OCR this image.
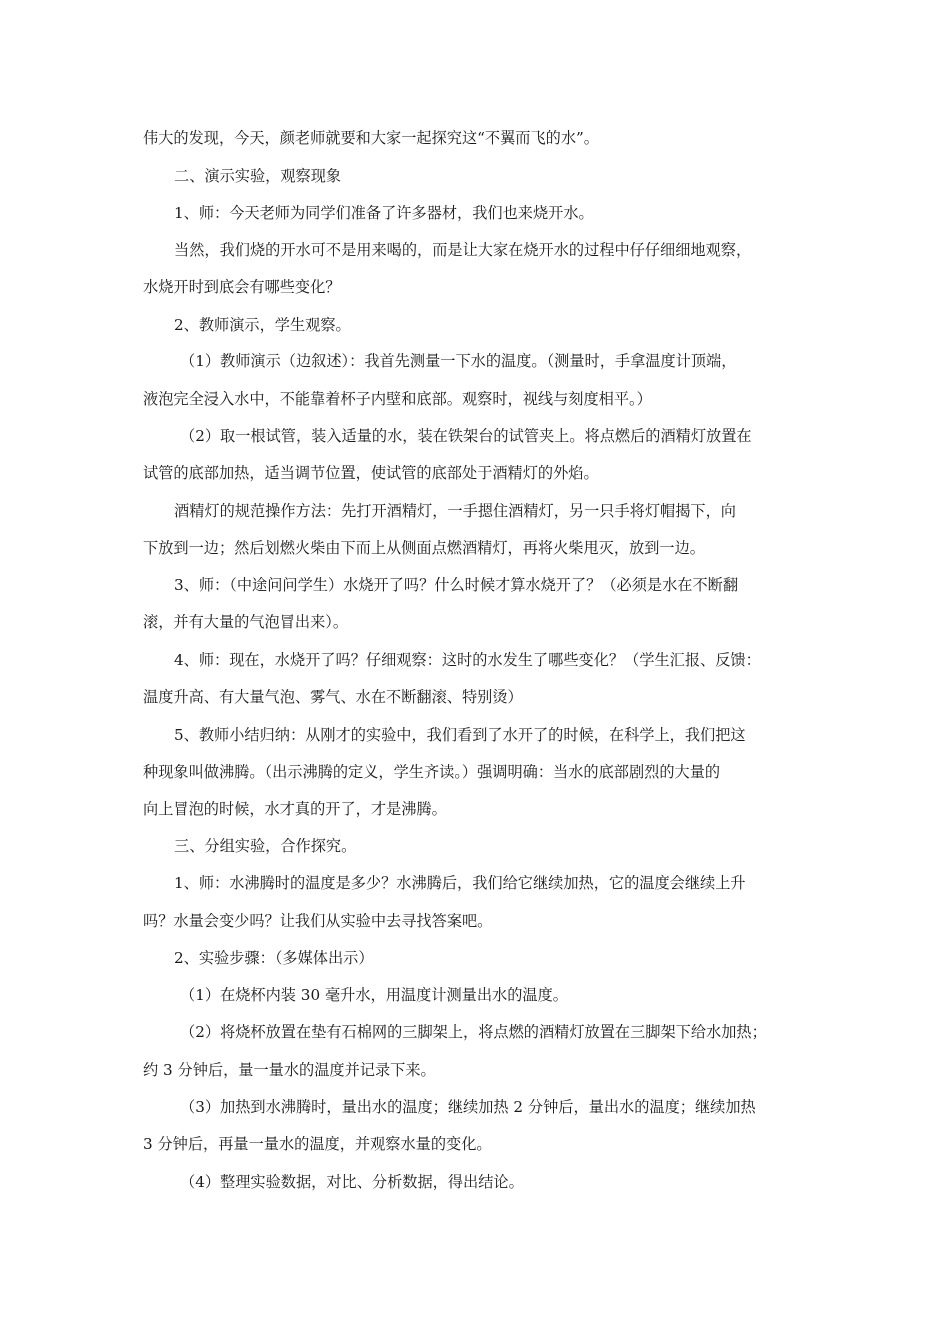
伟大的发现，今天，颜老师就要和大家一起探究这“不翼而飞的水”。

二、演示实验，观察现象

1、师：今天老师为同学们准备了许多器材，我们也来烧开水。

当然，我们烧的开水可不是用来喝的，而是让大家在烧开水的过程中仔仔细细地观察，

水烧开时到底会有哪些变化？

2、教师演示，学生观察。

（1）教师演示（边叙述）：我首先测量一下水的温度。（测量时，手拿温度计顶端，

液泡完全浸入水中，不能靠着杯子内壁和底部。观察时，视线与刻度相平。）

（2）取一根试管，装入适量的水，装在铁架台的试管夹上。将点燃后的酒精灯放置在

试管的底部加热，适当调节位置，使试管的底部处于酒精灯的外焰。

酒精灯的规范操作方法：先打开酒精灯，一手摁住酒精灯，另一只手将灯帽揭下，向

下放到一边；然后划燃火柴由下而上从侧面点燃酒精灯，再将火柴甩灭，放到一边。

3、师：（中途问问学生）水烧开了吗？什么时候才算水烧开了？（必须是水在不断翻

滚，并有大量的气泡冒出来）。

4、师：现在，水烧开了吗？仔细观察：这时的水发生了哪些变化？（学生汇报、反馈：

温度升高、有大量气泡、雾气、水在不断翻滚、特别烫）

5、教师小结归纳：从刚才的实验中，我们看到了水开了的时候，在科学上，我们把这

种现象叫做沸腾。（出示沸腾的定义，学生齐读。）强调明确：当水的底部剧烈的大量的

向上冒泡的时候，水才真的开了，才是沸腾。

三、分组实验，合作探究。

1、师：水沸腾时的温度是多少？水沸腾后，我们给它继续加热，它的温度会继续上升

吗？水量会变少吗？让我们从实验中去寻找答案吧。

2、实验步骤：（多媒体出示）

（1）在烧杯内装 30 毫升水，用温度计测量出水的温度。

（2）将烧杯放置在垫有石棉网的三脚架上，将点燃的酒精灯放置在三脚架下给水加热；

约 3 分钟后，量一量水的温度并记录下来。

（3）加热到水沸腾时，量出水的温度；继续加热 2 分钟后，量出水的温度；继续加热

3 分钟后，再量一量水的温度，并观察水量的变化。

（4）整理实验数据，对比、分析数据，得出结论。
